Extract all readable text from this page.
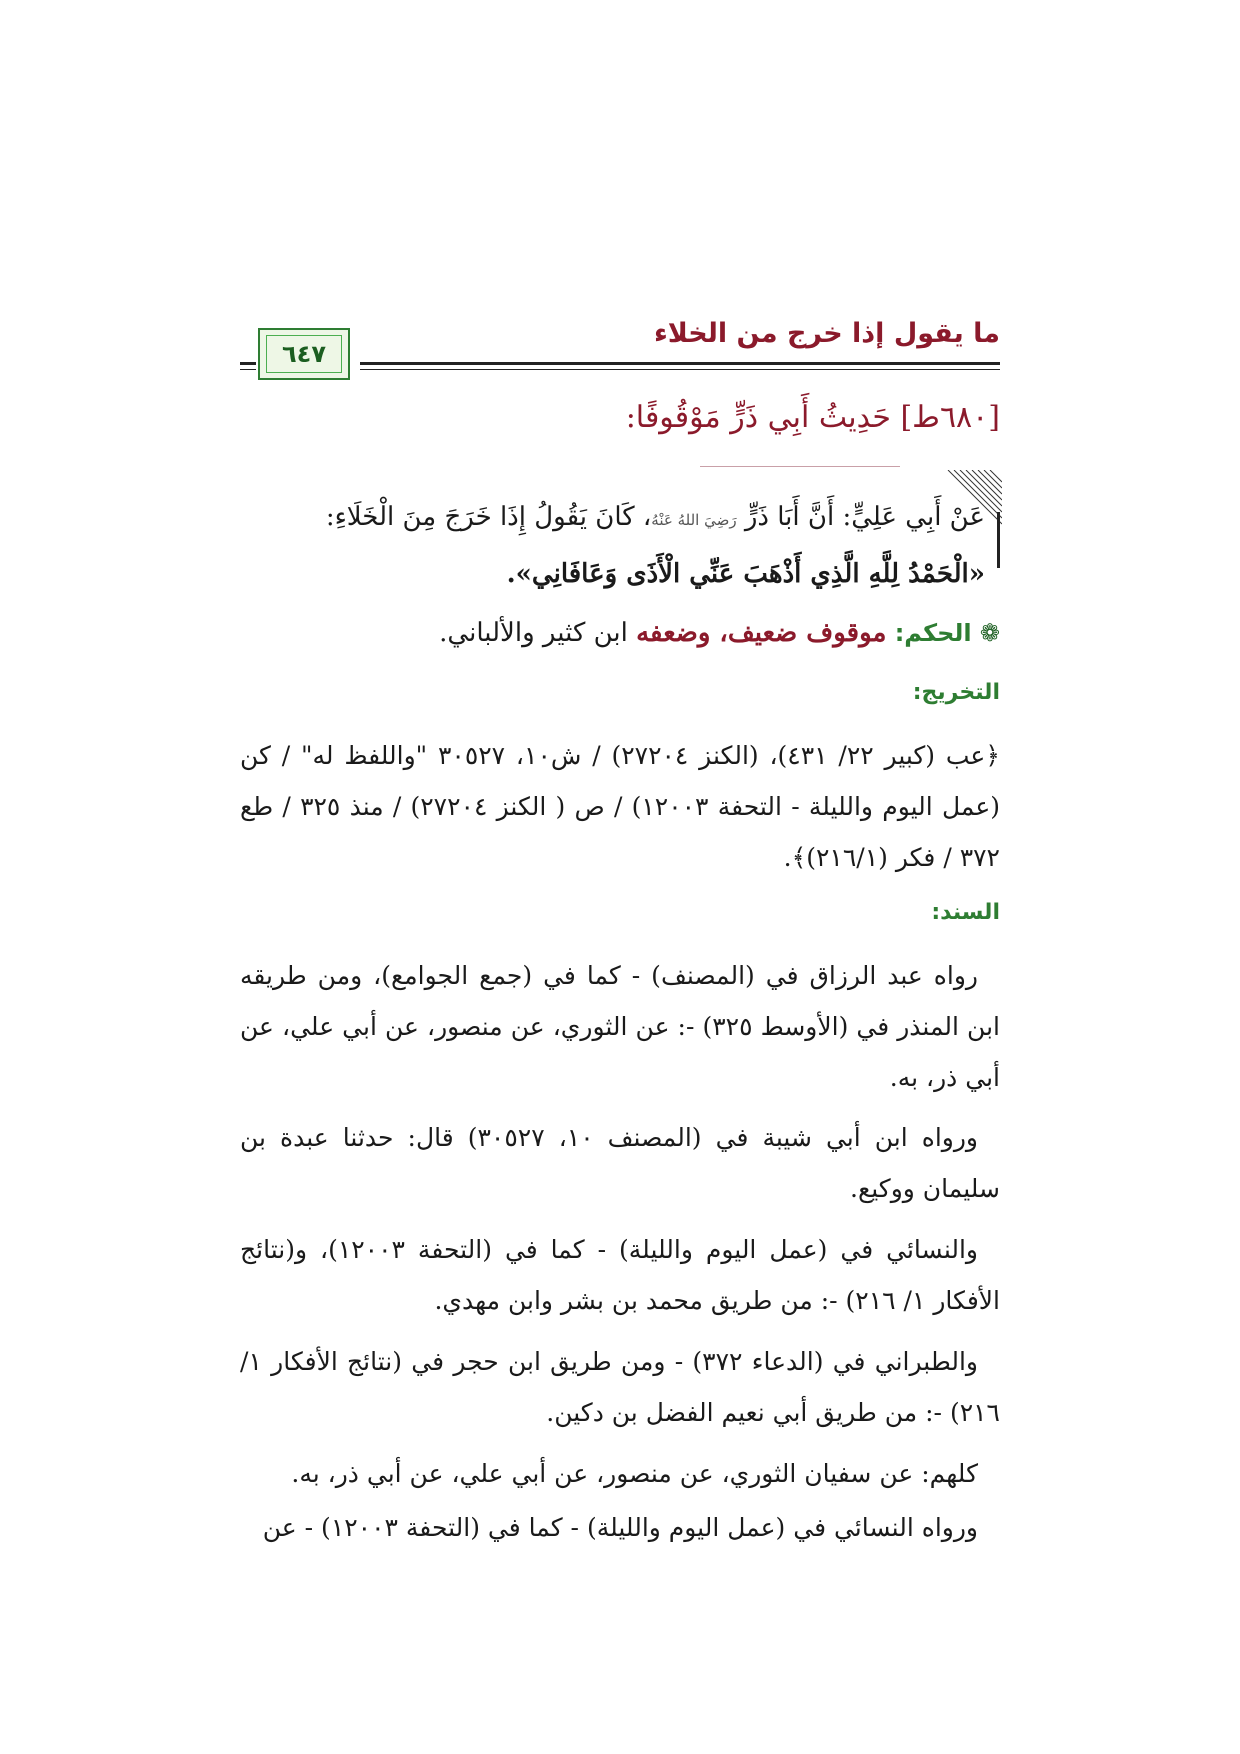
ما يقول إذا خرج من الخلاء
٦٤٧
[٦٨٠ط] حَدِيثُ أَبِي ذَرٍّ مَوْقُوفًا:
عَنْ أَبِي عَلِيٍّ: أَنَّ أَبَا ذَرٍّ رَضِيَ اللهُ عَنْهُ، كَانَ يَقُولُ إِذَا خَرَجَ مِنَ الْخَلَاءِ:
«الْحَمْدُ لِلَّهِ الَّذِي أَذْهَبَ عَنِّي الْأَذَى وَعَافَانِي».
❁ الحكم: موقوف ضعيف، وضعفه ابن كثير والألباني.
التخريج:
﴿عب (كبير ٢٢/ ٤٣١)، (الكنز ٢٧٢٠٤) / ش١٠، ٣٠٥٢٧ "واللفظ له" / كن (عمل اليوم والليلة - التحفة ١٢٠٠٣) / ص ( الكنز ٢٧٢٠٤) / منذ ٣٢٥ / طع ٣٧٢ / فكر (٢١٦/١)﴾.
السند:
رواه عبد الرزاق في (المصنف) - كما في (جمع الجوامع)، ومن طريقه ابن المنذر في (الأوسط ٣٢٥) -: عن الثوري، عن منصور، عن أبي علي، عن أبي ذر، به.
ورواه ابن أبي شيبة في (المصنف ١٠، ٣٠٥٢٧) قال: حدثنا عبدة بن سليمان ووكيع.
والنسائي في (عمل اليوم والليلة) - كما في (التحفة ١٢٠٠٣)، و(نتائج الأفكار ١/ ٢١٦) -: من طريق محمد بن بشر وابن مهدي.
والطبراني في (الدعاء ٣٧٢) - ومن طريق ابن حجر في (نتائج الأفكار ١/ ٢١٦) -: من طريق أبي نعيم الفضل بن دكين.
كلهم: عن سفيان الثوري، عن منصور، عن أبي علي، عن أبي ذر، به.
ورواه النسائي في (عمل اليوم والليلة) - كما في (التحفة ١٢٠٠٣) - عن
